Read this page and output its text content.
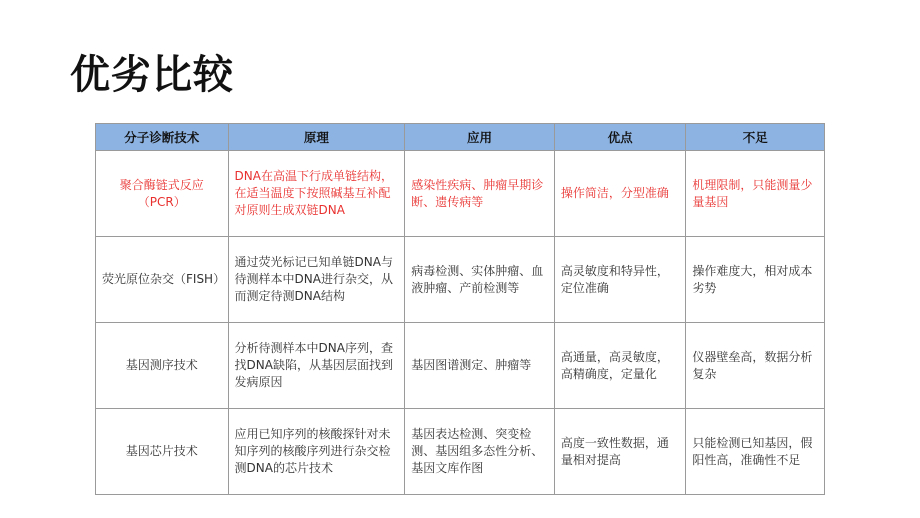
优劣比较
分子诊断技术	原理	应用	优点	不足
聚合酶链式反应（PCR）	DNA在高温下行成单链结构，在适当温度下按照碱基互补配对原则生成双链DNA	感染性疾病、肿瘤早期诊断、遗传病等	操作简洁，分型准确	机理限制，只能测量少量基因
荧光原位杂交（FISH）	通过荧光标记已知单链DNA与待测样本中DNA进行杂交，从而测定待测DNA结构	病毒检测、实体肿瘤、血液肿瘤、产前检测等	高灵敏度和特异性，定位准确	操作难度大，相对成本劣势
基因测序技术	分析待测样本中DNA序列，查找DNA缺陷，从基因层面找到发病原因	基因图谱测定、肿瘤等	高通量，高灵敏度，高精确度，定量化	仪器壁垒高，数据分析复杂
基因芯片技术	应用已知序列的核酸探针对未知序列的核酸序列进行杂交检测DNA的芯片技术	基因表达检测、突变检测、基因组多态性分析、基因文库作图	高度一致性数据，通量相对提高	只能检测已知基因，假阳性高，准确性不足
